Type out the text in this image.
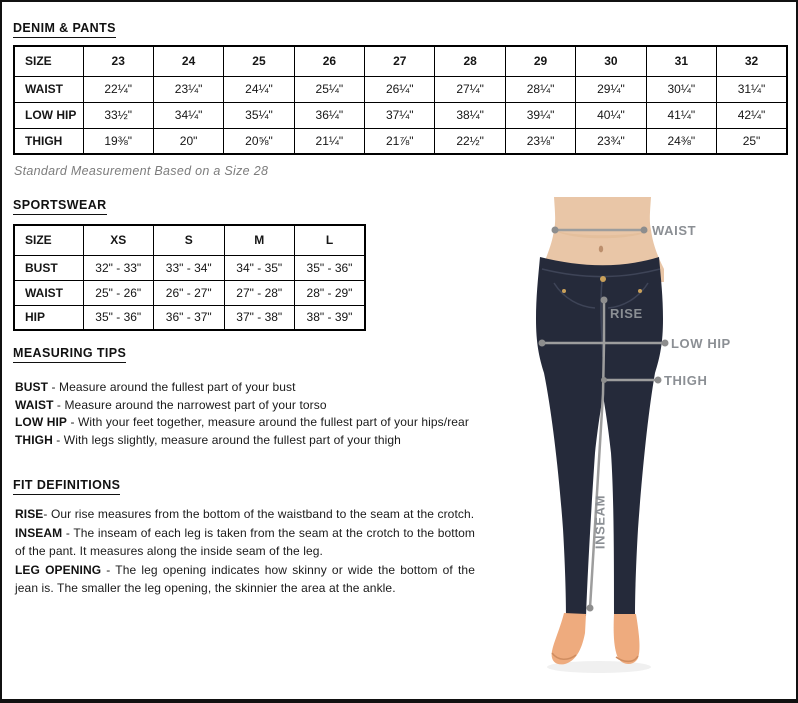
DENIM & PANTS
SIZE	23	24	25	26	27	28	29	30	31	32
WAIST	22¼"	23¼"	24¼"	25¼"	26¼"	27¼"	28¼"	29¼"	30¼"	31¼"
LOW HIP	33½"	34¼"	35¼"	36¼"	37¼"	38¼"	39¼"	40¼"	41¼"	42¼"
THIGH	19⅜"	20"	20⅝"	21¼"	21⅞"	22½"	23⅛"	23¾"	24⅜"	25"
Standard Measurement Based on a Size 28
SPORTSWEAR
SIZE	XS	S	M	L
BUST	32" - 33"	33" - 34"	34" - 35"	35" - 36"
WAIST	25" - 26"	26" - 27"	27" - 28"	28" - 29"
HIP	35" - 36"	36" - 37"	37" - 38"	38" - 39"
MEASURING TIPS
BUST - Measure around the fullest part of your bust
WAIST - Measure around the narrowest part of your torso
LOW HIP - With your feet together, measure around the fullest part of your hips/rear
THIGH - With legs slightly, measure around the fullest part of your thigh
FIT DEFINITIONS

RISE- Our rise measures from the bottom of the waistband to the seam at the crotch.

INSEAM - The inseam of each leg is taken from the seam at the crotch to the bottom of the pant. It measures along the inside seam of the leg.

LEG OPENING - The leg opening indicates how skinny or wide the bottom of the jean is. The smaller the leg opening, the skinnier the area at the ankle.

WAIST
RISE
LOW HIP
THIGH
INSEAM
